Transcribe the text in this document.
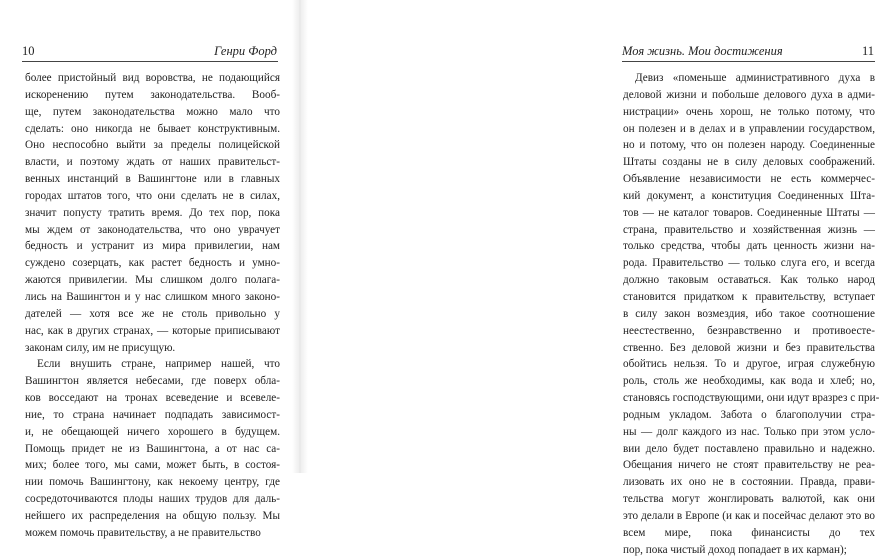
10	Генри Форд
более пристойный вид воровства, не подающийся
искоренению путем законодательства. Вооб-
ще, путем законодательства можно мало что
сделать: оно никогда не бывает конструктивным.
Оно неспособно выйти за пределы полицейской
власти, и поэтому ждать от наших правительст-
венных инстанций в Вашингтоне или в главных
городах штатов того, что они сделать не в силах,
значит попусту тратить время. До тех пор, пока
мы ждем от законодательства, что оно уврачует
бедность и устранит из мира привилегии, нам
суждено созерцать, как растет бедность и умно-
жаются привилегии. Мы слишком долго полага-
лись на Вашингтон и у нас слишком много законо-
дателей — хотя все же не столь привольно у
нас, как в других странах, — которые приписывают
законам силу, им не присущую.
Если внушить стране, например нашей, что
Вашингтон является небесами, где поверх обла-
ков восседают на тронах всеведение и всевеле-
ние, то страна начинает подпадать зависимост-
и, не обещающей ничего хорошего в будущем.
Помощь придет не из Вашингтона, а от нас са-
мих; более того, мы сами, может быть, в состоя-
нии помочь Вашингтону, как некоему центру, где
сосредоточиваются плоды наших трудов для даль-
нейшего их распределения на общую пользу. Мы
можем помочь правительству, а не правительство
Моя жизнь. Мои достижения	11
Девиз «поменьше административного духа в
деловой жизни и побольше делового духа в адми-
нистрации» очень хорош, не только потому, что
он полезен и в делах и в управлении государством,
но и потому, что он полезен народу. Соединенные
Штаты созданы не в силу деловых соображений.
Объявление независимости не есть коммерчес-
кий документ, а конституция Соединенных Шта-
тов — не каталог товаров. Соединенные Штаты —
страна, правительство и хозяйственная жизнь —
только средства, чтобы дать ценность жизни на-
рода. Правительство — только слуга его, и всегда
должно таковым оставаться. Как только народ
становится придатком к правительству, вступает
в силу закон возмездия, ибо такое соотношение
неестественно, безнравственно и противоесте-
ственно. Без деловой жизни и без правительства
обойтись нельзя. То и другое, играя служебную
роль, столь же необходимы, как вода и хлеб; но,
становясь господствующими, они идут вразрез с при-
родным укладом. Забота о благополучии стра-
ны — долг каждого из нас. Только при этом усло-
вии дело будет поставлено правильно и надежно.
Обещания ничего не стоят правительству не реа-
лизовать их оно не в состоянии. Правда, прави-
тельства могут жонглировать валютой, как они
это делали в Европе (и как и посейчас делают это во
всем мире, пока финансисты до тех
пор, пока чистый доход попадает в их карман);
